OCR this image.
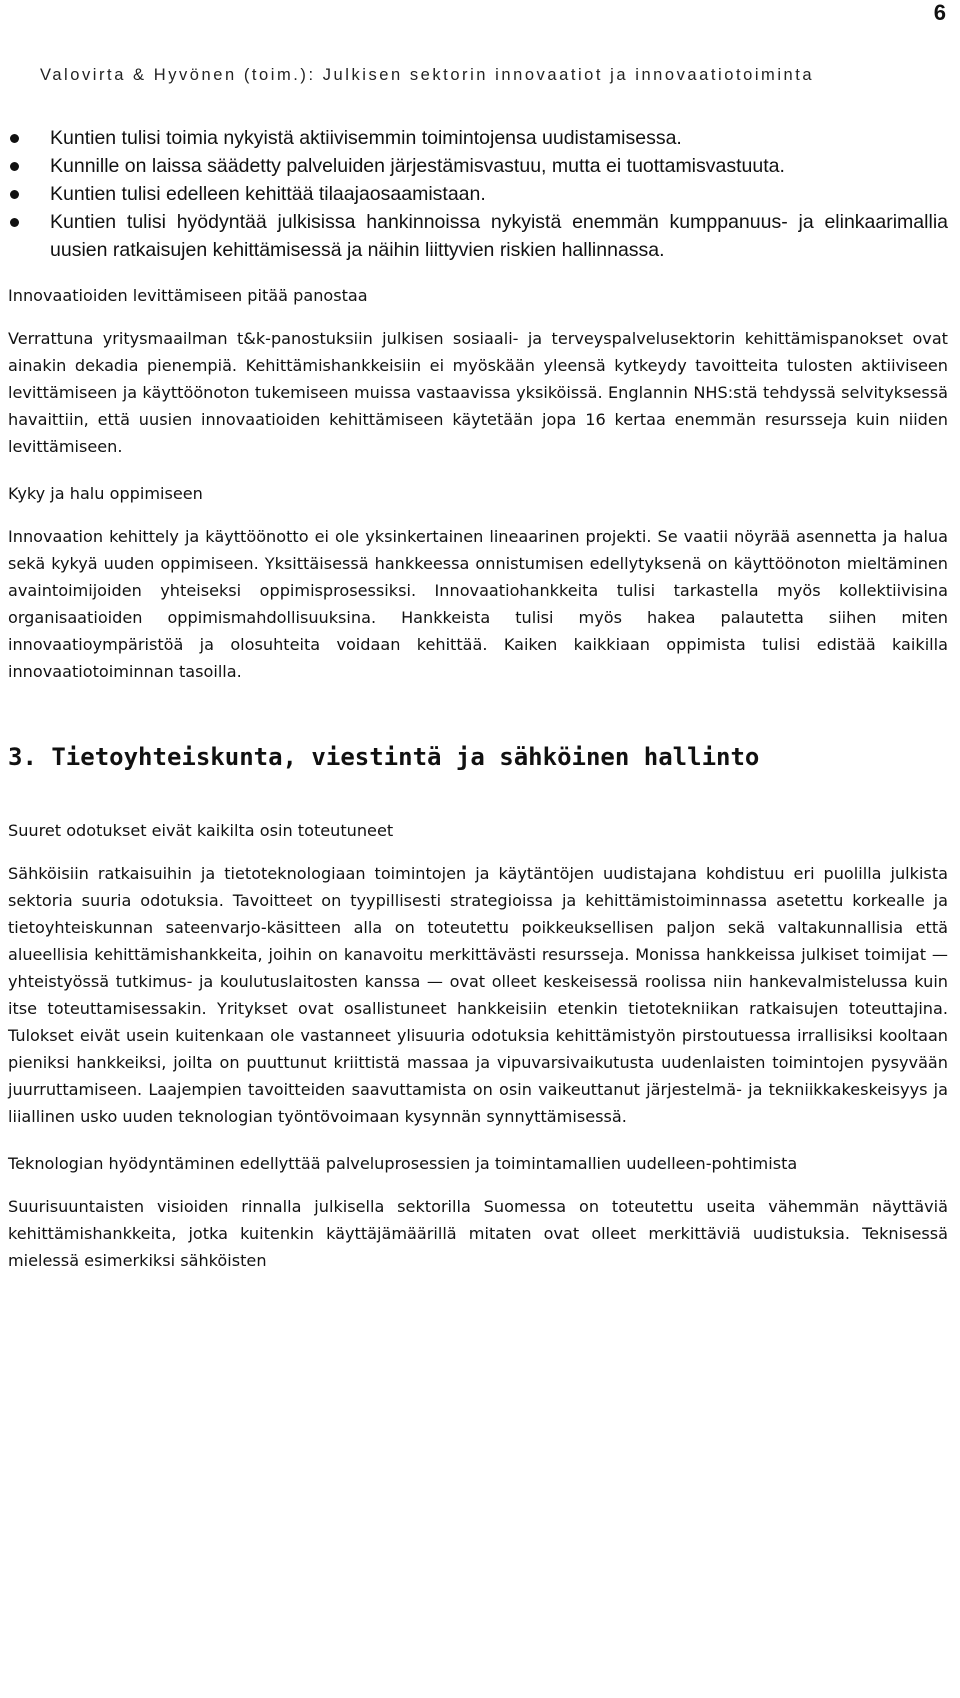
6
Valovirta & Hyvönen (toim.): Julkisen sektorin innovaatiot ja innovaatiotoiminta
Kuntien tulisi toimia nykyistä aktiivisemmin toimintojensa uudistamisessa.
Kunnille on laissa säädetty palveluiden järjestämisvastuu, mutta ei tuottamisvastuuta.
Kuntien tulisi edelleen kehittää tilaajaosaamistaan.
Kuntien tulisi hyödyntää julkisissa hankinnoissa nykyistä enemmän kumppanuus- ja elinkaarimallia uusien ratkaisujen kehittämisessä ja näihin liittyvien riskien hallinnassa.
Innovaatioiden levittämiseen pitää panostaa

Verrattuna yritysmaailman t&k-panostuksiin julkisen sosiaali- ja terveyspalvelusektorin kehittämispanokset ovat ainakin dekadia pienempiä. Kehittämishankkeisiin ei myöskään yleensä kytkeydy tavoitteita tulosten aktiiviseen levittämiseen ja käyttöönoton tukemiseen muissa vastaavissa yksiköissä. Englannin NHS:stä tehdyssä selvityksessä havaittiin, että uusien innovaatioiden kehittämiseen käytetään jopa 16 kertaa enemmän resursseja kuin niiden levittämiseen.

Kyky ja halu oppimiseen

Innovaation kehittely ja käyttöönotto ei ole yksinkertainen lineaarinen projekti. Se vaatii nöyrää asennetta ja halua sekä kykyä uuden oppimiseen. Yksittäisessä hankkeessa onnistumisen edellytyksenä on käyttöönoton mieltäminen avaintoimijoiden yhteiseksi oppimisprosessiksi. Innovaatiohankkeita tulisi tarkastella myös kollektiivisina organisaatioiden oppimismahdollisuuksina. Hankkeista tulisi myös hakea palautetta siihen miten innovaatioympäristöä ja olosuhteita voidaan kehittää. Kaiken kaikkiaan oppimista tulisi edistää kaikilla innovaatiotoiminnan tasoilla.

3. Tietoyhteiskunta, viestintä ja sähköinen hallinto
Suuret odotukset eivät kaikilta osin toteutuneet

Sähköisiin ratkaisuihin ja tietoteknologiaan toimintojen ja käytäntöjen uudistajana kohdistuu eri puolilla julkista sektoria suuria odotuksia. Tavoitteet on tyypillisesti strategioissa ja kehittämistoiminnassa asetettu korkealle ja tietoyhteiskunnan sateenvarjo-käsitteen alla on toteutettu poikkeuksellisen paljon sekä valtakunnallisia että alueellisia kehittämishankkeita, joihin on kanavoitu merkittävästi resursseja. Monissa hankkeissa julkiset toimijat — yhteistyössä tutkimus- ja koulutuslaitosten kanssa — ovat olleet keskeisessä roolissa niin hankevalmistelussa kuin itse toteuttamisessakin. Yritykset ovat osallistuneet hankkeisiin etenkin tietotekniikan ratkaisujen toteuttajina. Tulokset eivät usein kuitenkaan ole vastanneet ylisuuria odotuksia kehittämistyön pirstoutuessa irrallisiksi kooltaan pieniksi hankkeiksi, joilta on puuttunut kriittistä massaa ja vipuvarsivaikutusta uudenlaisten toimintojen pysyvään juurruttamiseen. Laajempien tavoitteiden saavuttamista on osin vaikeuttanut järjestelmä- ja tekniikkakeskeisyys ja liiallinen usko uuden teknologian työntövoimaan kysynnän synnyttämisessä.

Teknologian hyödyntäminen edellyttää palveluprosessien ja toimintamallien uudelleen-pohtimista

Suurisuuntaisten visioiden rinnalla julkisella sektorilla Suomessa on toteutettu useita vähemmän näyttäviä kehittämishankkeita, jotka kuitenkin käyttäjämäärillä mitaten ovat olleet merkittäviä uudistuksia. Teknisessä mielessä esimerkiksi sähköisten
